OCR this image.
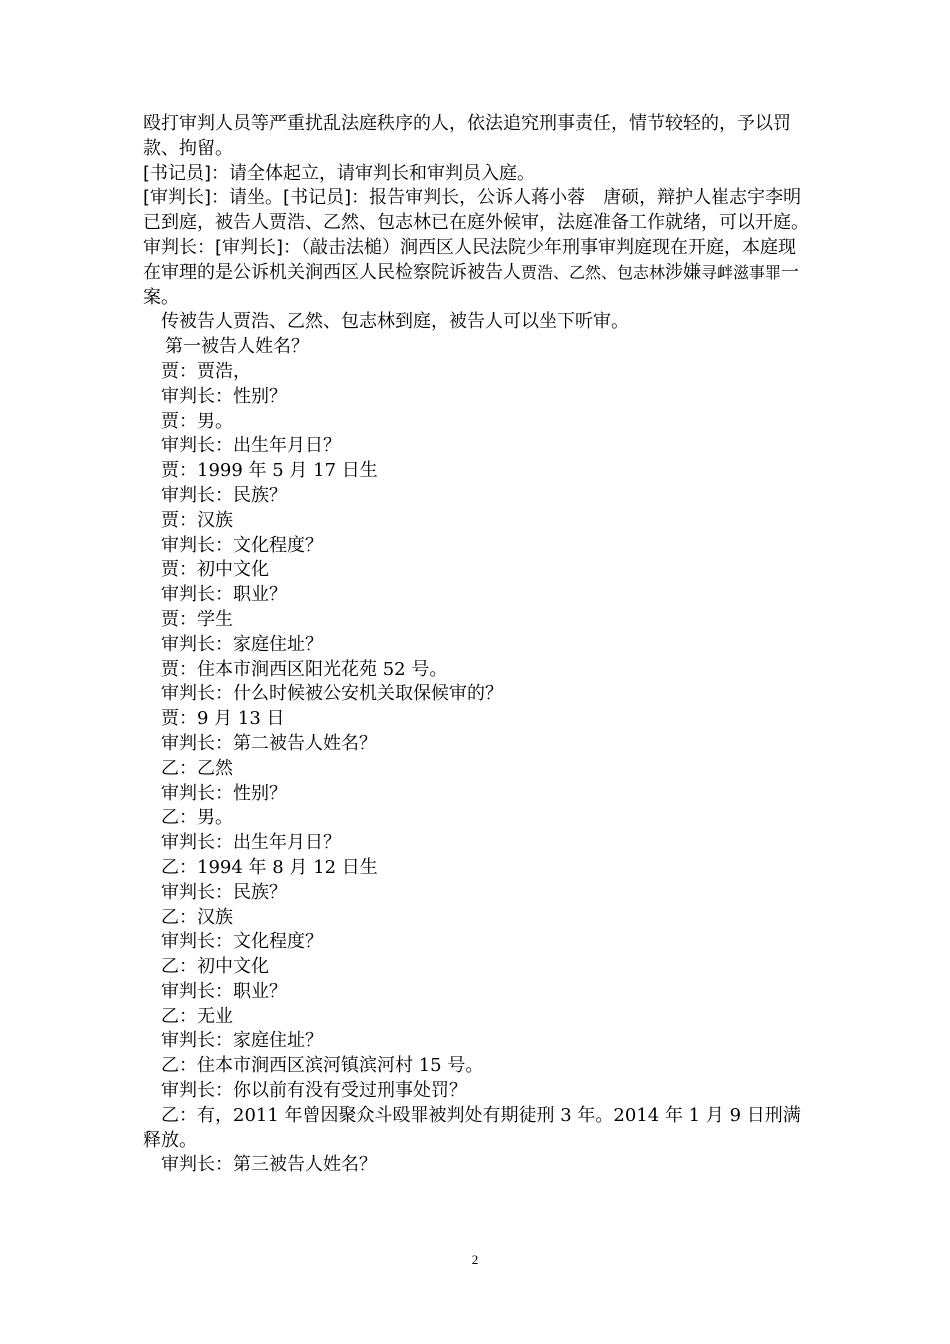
殴打审判人员等严重扰乱法庭秩序的人，依法追究刑事责任，情节较轻的，予以罚款、拘留。
[书记员]：请全体起立，请审判长和审判员入庭。
[审判长]：请坐。[书记员]：报告审判长，公诉人蒋小蓉　唐硕，辩护人崔志宇李明已到庭，被告人贾浩、乙然、包志林已在庭外候审，法庭准备工作就绪，可以开庭。
审判长：[审判长]：（敲击法槌）涧西区人民法院少年刑事审判庭现在开庭，本庭现在审理的是公诉机关涧西区人民检察院诉被告人贾浩、乙然、包志林涉嫌寻衅滋事罪一案。
传被告人贾浩、乙然、包志林到庭，被告人可以坐下听审。
第一被告人姓名？
贾：贾浩，
审判长：性别？
贾：男。
审判长：出生年月日？
贾：1999 年 5 月 17 日生
审判长：民族？
贾：汉族
审判长：文化程度？
贾：初中文化
审判长：职业？
贾：学生
审判长：家庭住址？
贾：住本市涧西区阳光花苑 52 号。
审判长：什么时候被公安机关取保候审的？
贾：9 月 13 日
审判长：第二被告人姓名？
乙：乙然
审判长：性别？
乙：男。
审判长：出生年月日？
乙：1994 年 8 月 12 日生
审判长：民族？
乙：汉族
审判长：文化程度？
乙：初中文化
审判长：职业？
乙：无业
审判长：家庭住址？
乙：住本市涧西区滨河镇滨河村 15 号。
审判长：你以前有没有受过刑事处罚？
乙：有，2011 年曾因聚众斗殴罪被判处有期徒刑 3 年。2014 年 1 月 9 日刑满释放。
审判长：第三被告人姓名？
2
